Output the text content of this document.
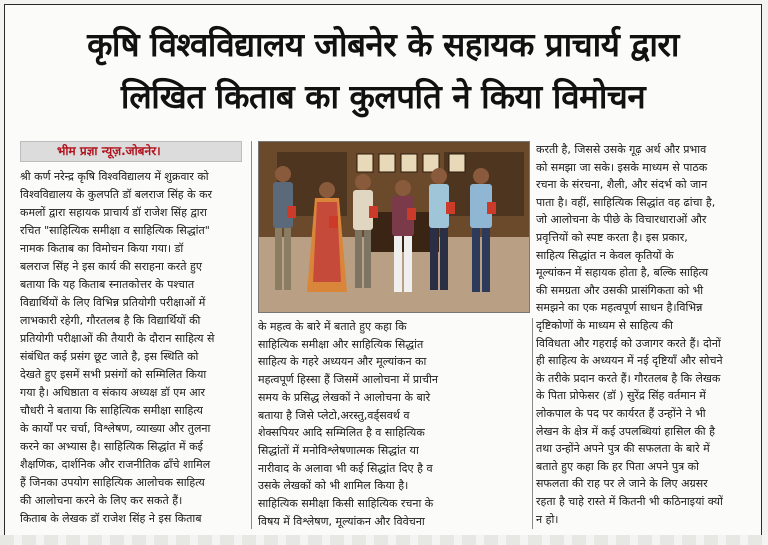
कृषि विश्वविद्यालय जोबनेर के सहायक प्राचार्य द्वारा
लिखित किताब का कुलपति ने किया विमोचन
भीम प्रज्ञा न्यूज़.जोबनेर।
श्री कर्ण नरेन्द्र कृषि विश्वविद्यालय में शुक्रवार को
विश्वविद्यालय के कुलपति डॉ बलराज सिंह के कर
कमलों द्वारा सहायक प्राचार्य डॉ राजेश सिंह द्वारा
रचित "साहित्यिक समीक्षा व साहित्यिक सिद्धांत"
नामक किताब का विमोचन किया गया। डॉ
बलराज सिंह ने इस कार्य की सराहना करते हुए
बताया कि यह किताब स्नातकोत्तर के पश्चात
विद्यार्थियों के लिए विभिन्न प्रतियोगी परीक्षाओं में
लाभकारी रहेगी, गौरतलब है कि विद्यार्थियों की
प्रतियोगी परीक्षाओं की तैयारी के दौरान साहित्य से
संबंधित कई प्रसंग छूट जाते है, इस स्थिति को
देखते हुए इसमें सभी प्रसंगों को सम्मिलित किया
गया है। अधिष्ठाता व संकाय अध्यक्ष डॉ एम आर
चौधरी ने बताया कि साहित्यिक समीक्षा साहित्य
के कार्यों पर चर्चा, विश्लेषण, व्याख्या और तुलना
करने का अभ्यास है। साहित्यिक सिद्धांत में कई
शैक्षणिक, दार्शनिक और राजनीतिक ढाँचे शामिल
हैं जिनका उपयोग साहित्यिक आलोचक साहित्य
की आलोचना करने के लिए कर सकते हैं।
किताब के लेखक डॉ राजेश सिंह ने इस किताब
के महत्व के बारे में बताते हुए कहा कि
साहित्यिक समीक्षा और साहित्यिक सिद्धांत
साहित्य के गहरे अध्ययन और मूल्यांकन का
महत्वपूर्ण हिस्सा हैं जिसमें आलोचना में प्राचीन
समय के प्रसिद्ध लेखकों ने आलोचना के बारे
बताया है जिसे प्लेटो,अरस्तु,वर्ड्सवर्थ व
शेक्सपियर आदि सम्मिलित है व साहित्यिक
सिद्धांतों में मनोविश्लेषणात्मक सिद्धांत या
नारीवाद के अलावा भी कई सिद्धांत दिए है व
उसके लेखकों को भी शामिल किया है।
साहित्यिक समीक्षा किसी साहित्यिक रचना के
विषय में विश्लेषण, मूल्यांकन और विवेचना
करती है, जिससे उसके गूढ़ अर्थ और प्रभाव
को समझा जा सके। इसके माध्यम से पाठक
रचना के संरचना, शैली, और संदर्भ को जान
पाता है। वहीं, साहित्यिक सिद्धांत वह ढांचा है,
जो आलोचना के पीछे के विचारधाराओं और
प्रवृत्तियों को स्पष्ट करता है। इस प्रकार,
साहित्य सिद्धांत न केवल कृतियों के
मूल्यांकन में सहायक होता है, बल्कि साहित्य
की समग्रता और उसकी प्रासंगिकता को भी
समझने का एक महत्वपूर्ण साधन है।विभिन्न
दृष्टिकोणों के माध्यम से साहित्य की
विविधता और गहराई को उजागर करते हैं। दोनों
ही साहित्य के अध्ययन में नई दृष्टियाँ और सोचने
के तरीके प्रदान करते हैं। गौरतलब है कि लेखक
के पिता प्रोफेसर (डॉ ) सुरेंद्र सिंह वर्तमान में
लोकपाल के पद पर कार्यरत हैं उन्होंने ने भी
लेखन के क्षेत्र में कई उपलब्धियां हासिल की है
तथा उन्होंने अपने पुत्र की सफलता के बारे में
बताते हुए कहा कि हर पिता अपने पुत्र को
सफलता की राह पर ले जाने के लिए अग्रसर
रहता है चाहे रास्ते में कितनी भी कठिनाइयां क्यों
न हो।
